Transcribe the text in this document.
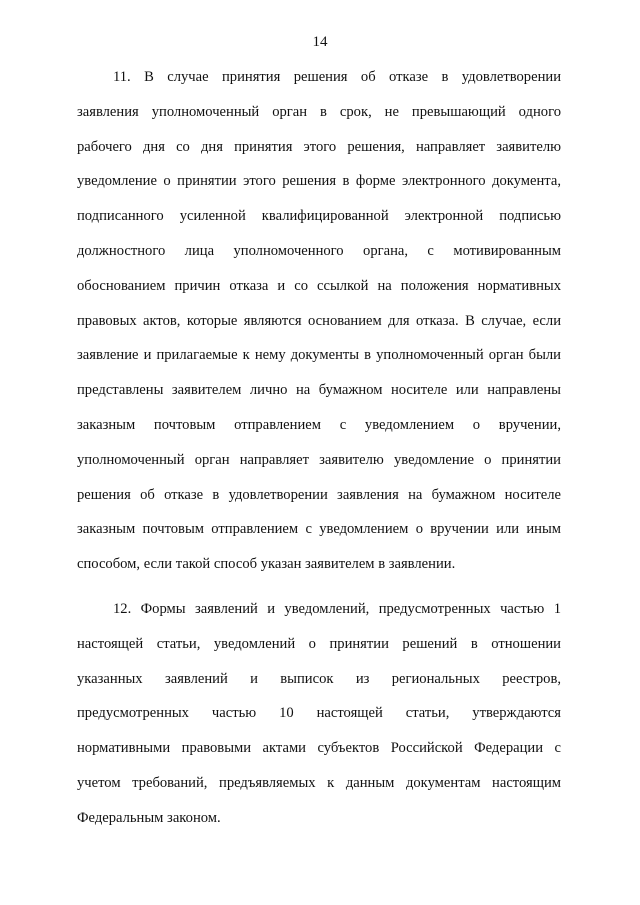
14
11. В случае принятия решения об отказе в удовлетворении
заявления уполномоченный орган в срок, не превышающий одного
рабочего дня со дня принятия этого решения, направляет заявителю
уведомление о принятии этого решения в форме электронного документа,
подписанного усиленной квалифицированной электронной подписью
должностного лица уполномоченного органа, с мотивированным
обоснованием причин отказа и со ссылкой на положения нормативных
правовых актов, которые являются основанием для отказа. В случае, если
заявление и прилагаемые к нему документы в уполномоченный орган были
представлены заявителем лично на бумажном носителе или направлены
заказным почтовым отправлением с уведомлением о вручении,
уполномоченный орган направляет заявителю уведомление о принятии
решения об отказе в удовлетворении заявления на бумажном носителе
заказным почтовым отправлением с уведомлением о вручении или иным
способом, если такой способ указан заявителем в заявлении.
12. Формы заявлений и уведомлений, предусмотренных частью 1
настоящей статьи, уведомлений о принятии решений в отношении
указанных заявлений и выписок из региональных реестров,
предусмотренных частью 10 настоящей статьи, утверждаются
нормативными правовыми актами субъектов Российской Федерации с
учетом требований, предъявляемых к данным документам настоящим
Федеральным законом.
